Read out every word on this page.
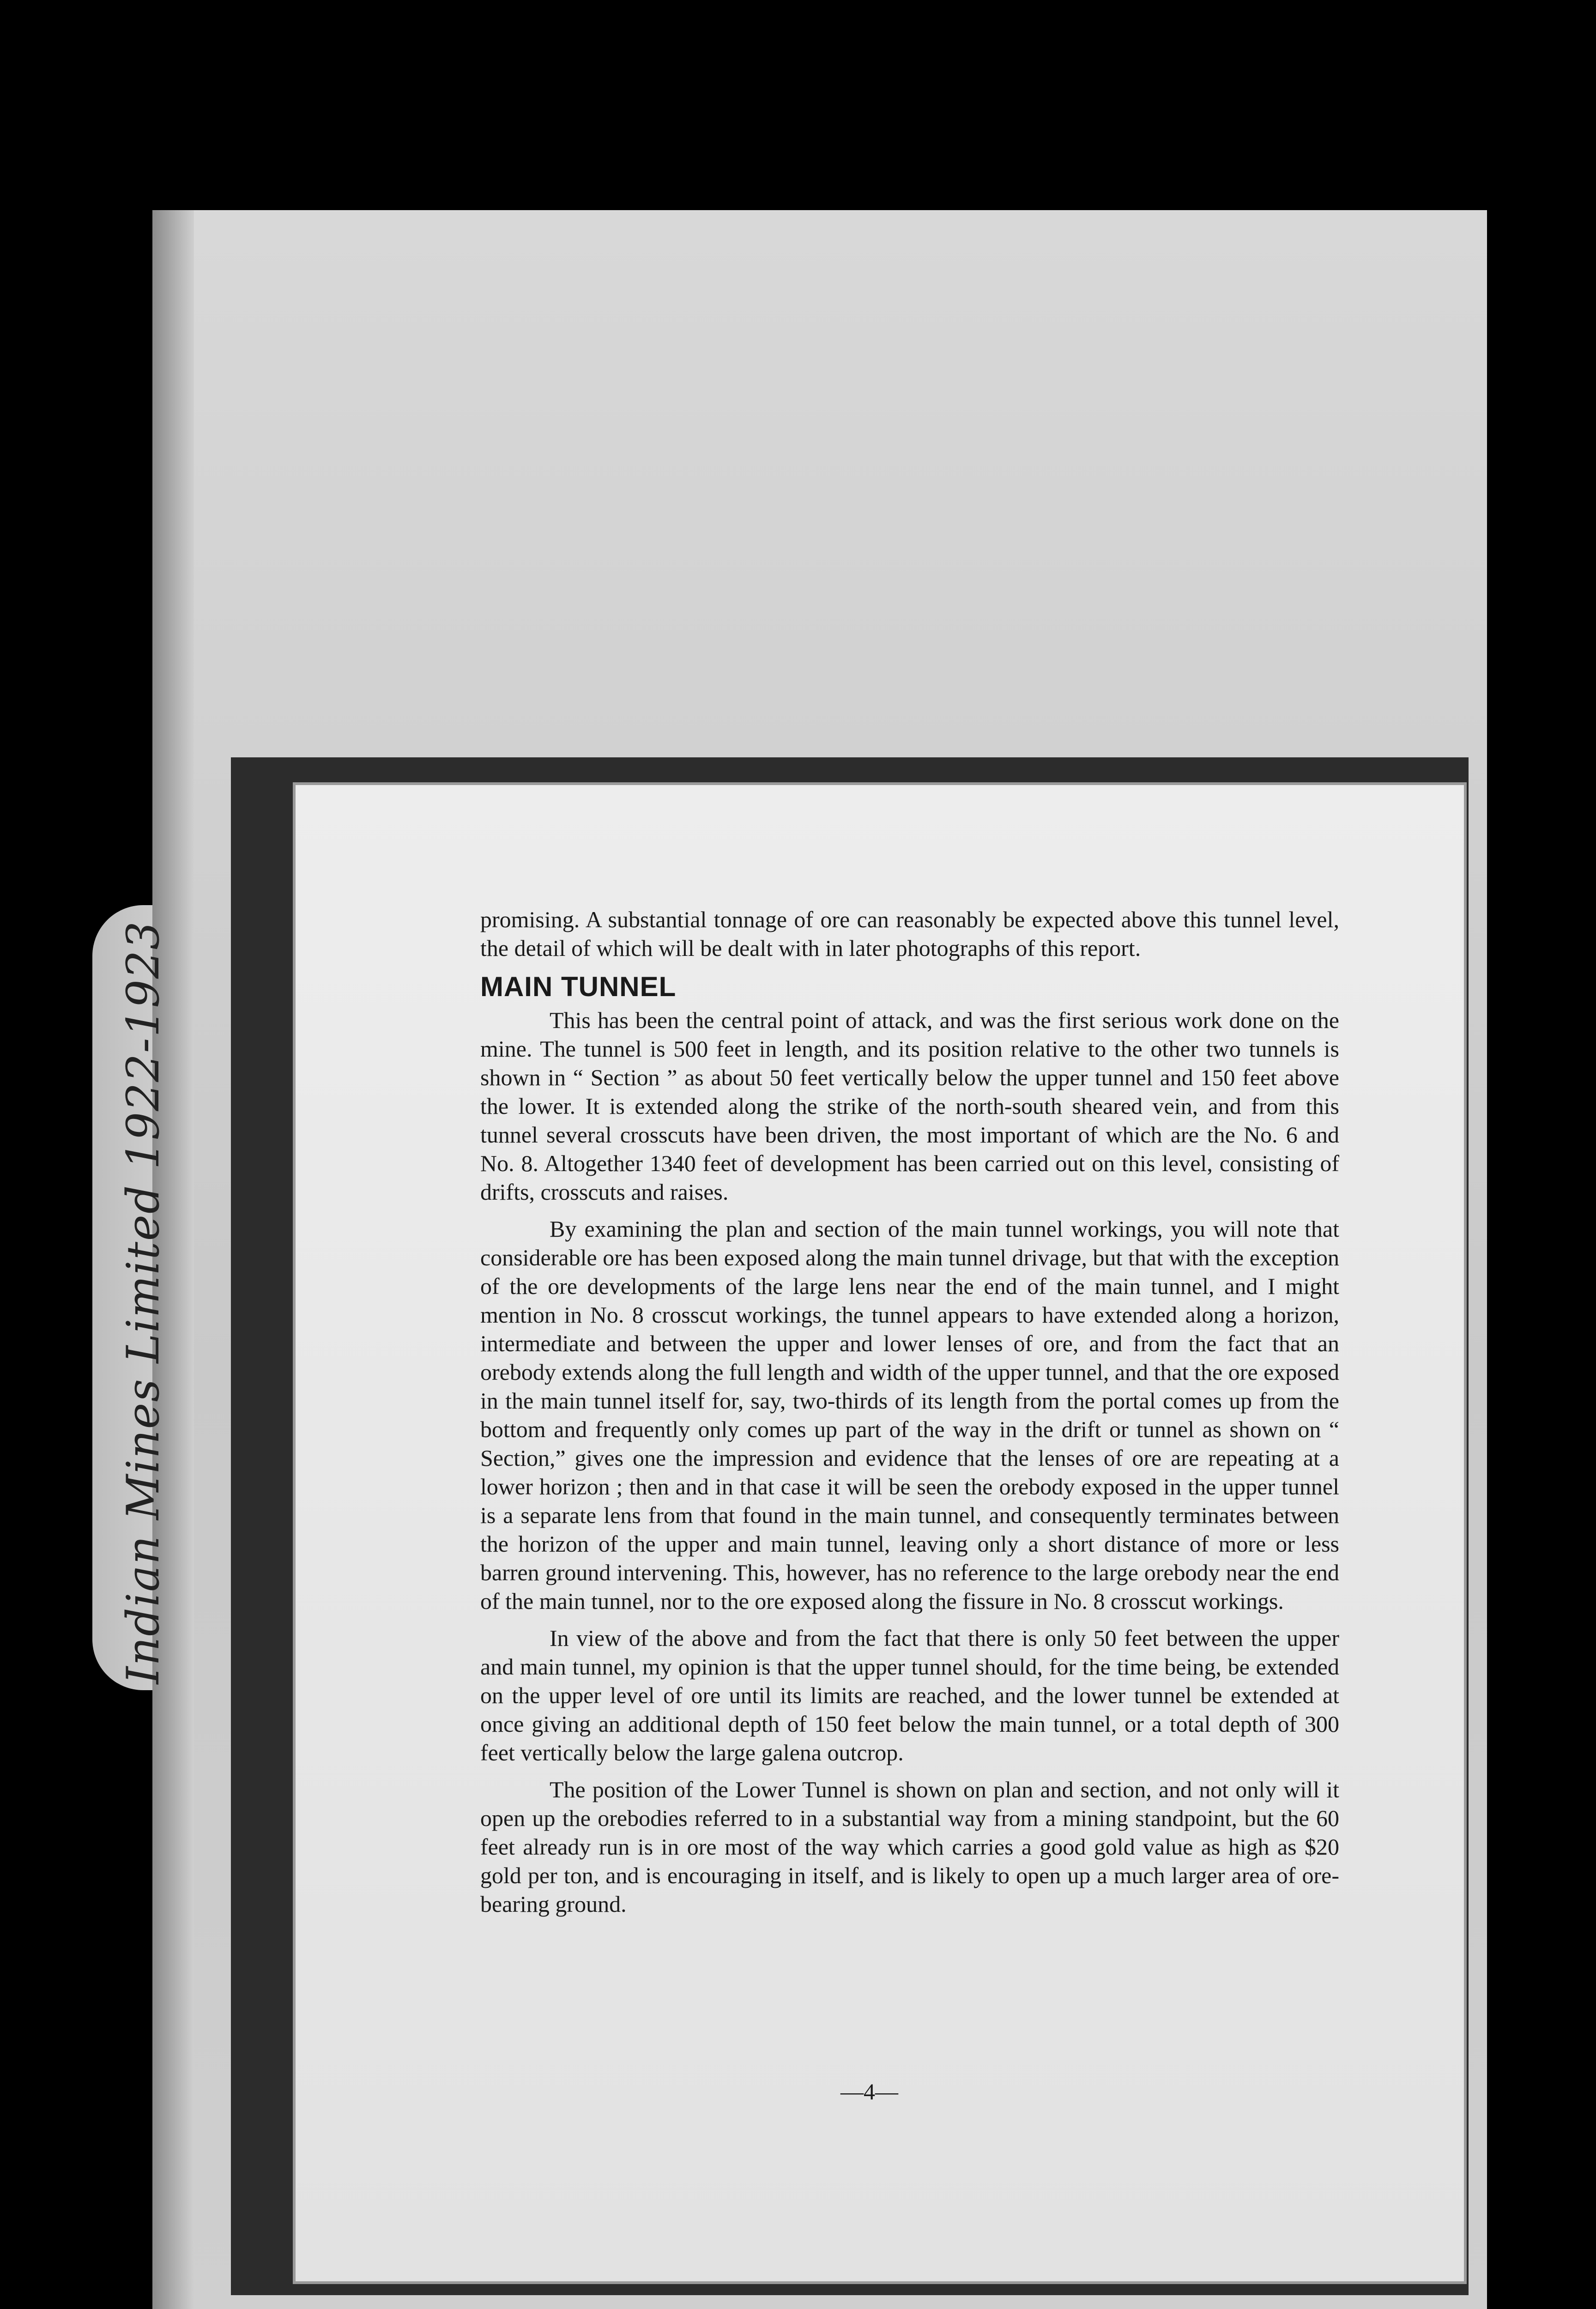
Indian Mines Limited 1922-1923

promising. A substantial tonnage of ore can reasonably be expected above this tunnel level, the detail of which will be dealt with in later photographs of this report.

MAIN TUNNEL

This has been the central point of attack, and was the first serious work done on the mine. The tunnel is 500 feet in length, and its position relative to the other two tunnels is shown in “ Section ” as about 50 feet vertically below the upper tunnel and 150 feet above the lower. It is extended along the strike of the north-south sheared vein, and from this tunnel several crosscuts have been driven, the most important of which are the No. 6 and No. 8. Altogether 1340 feet of development has been carried out on this level, consisting of drifts, crosscuts and raises.

By examining the plan and section of the main tunnel workings, you will note that considerable ore has been exposed along the main tunnel drivage, but that with the exception of the ore developments of the large lens near the end of the main tunnel, and I might mention in No. 8 crosscut workings, the tunnel appears to have extended along a horizon, intermediate and between the upper and lower lenses of ore, and from the fact that an orebody extends along the full length and width of the upper tunnel, and that the ore exposed in the main tunnel itself for, say, two-thirds of its length from the portal comes up from the bottom and frequently only comes up part of the way in the drift or tunnel as shown on “ Section,” gives one the impression and evidence that the lenses of ore are repeating at a lower horizon ; then and in that case it will be seen the orebody exposed in the upper tunnel is a separate lens from that found in the main tunnel, and consequently terminates between the horizon of the upper and main tunnel, leaving only a short distance of more or less barren ground intervening. This, however, has no reference to the large orebody near the end of the main tunnel, nor to the ore exposed along the fissure in No. 8 crosscut workings.

In view of the above and from the fact that there is only 50 feet between the upper and main tunnel, my opinion is that the upper tunnel should, for the time being, be extended on the upper level of ore until its limits are reached, and the lower tunnel be extended at once giving an additional depth of 150 feet below the main tunnel, or a total depth of 300 feet vertically below the large galena outcrop.

The position of the Lower Tunnel is shown on plan and section, and not only will it open up the orebodies referred to in a substantial way from a mining standpoint, but the 60 feet already run is in ore most of the way which carries a good gold value as high as $20 gold per ton, and is encouraging in itself, and is likely to open up a much larger area of ore-bearing ground.

—4—
